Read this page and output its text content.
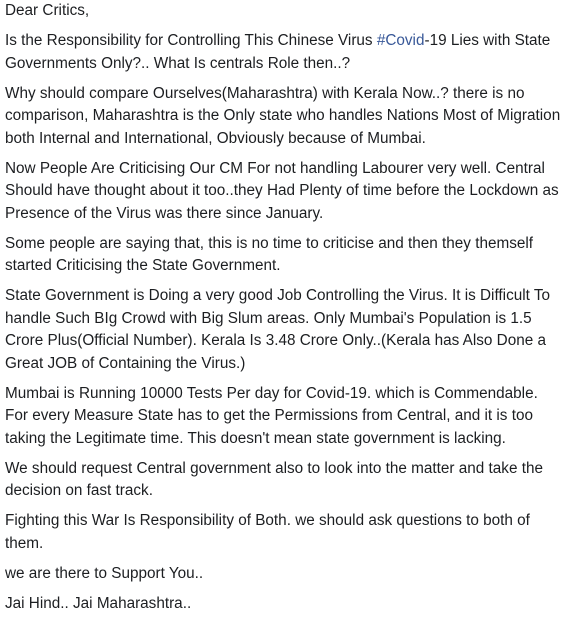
Dear Critics,

Is the Responsibility for Controlling This Chinese Virus #Covid-19 Lies with State Governments Only?.. What Is centrals Role then..?

Why should compare Ourselves(Maharashtra) with Kerala Now..? there is no comparison, Maharashtra is the Only state who handles Nations Most of Migration both Internal and International, Obviously because of Mumbai.

Now People Are Criticising Our CM For not handling Labourer very well. Central Should have thought about it too..they Had Plenty of time before the Lockdown as Presence of the Virus was there since January.

Some people are saying that, this is no time to criticise and then they themself started Criticising the State Government.

State Government is Doing a very good Job Controlling the Virus. It is Difficult To handle Such BIg Crowd with Big Slum areas. Only Mumbai's Population is 1.5 Crore Plus(Official Number). Kerala Is 3.48 Crore Only..(Kerala has Also Done a Great JOB of Containing the Virus.)

Mumbai is Running 10000 Tests Per day for Covid-19. which is Commendable.

For every Measure State has to get the Permissions from Central, and it is too taking the Legitimate time. This doesn't mean state government is lacking.

We should request Central government also to look into the matter and take the decision on fast track.

Fighting this War Is Responsibility of Both. we should ask questions to both of them.

we are there to Support You..

Jai Hind.. Jai Maharashtra..
